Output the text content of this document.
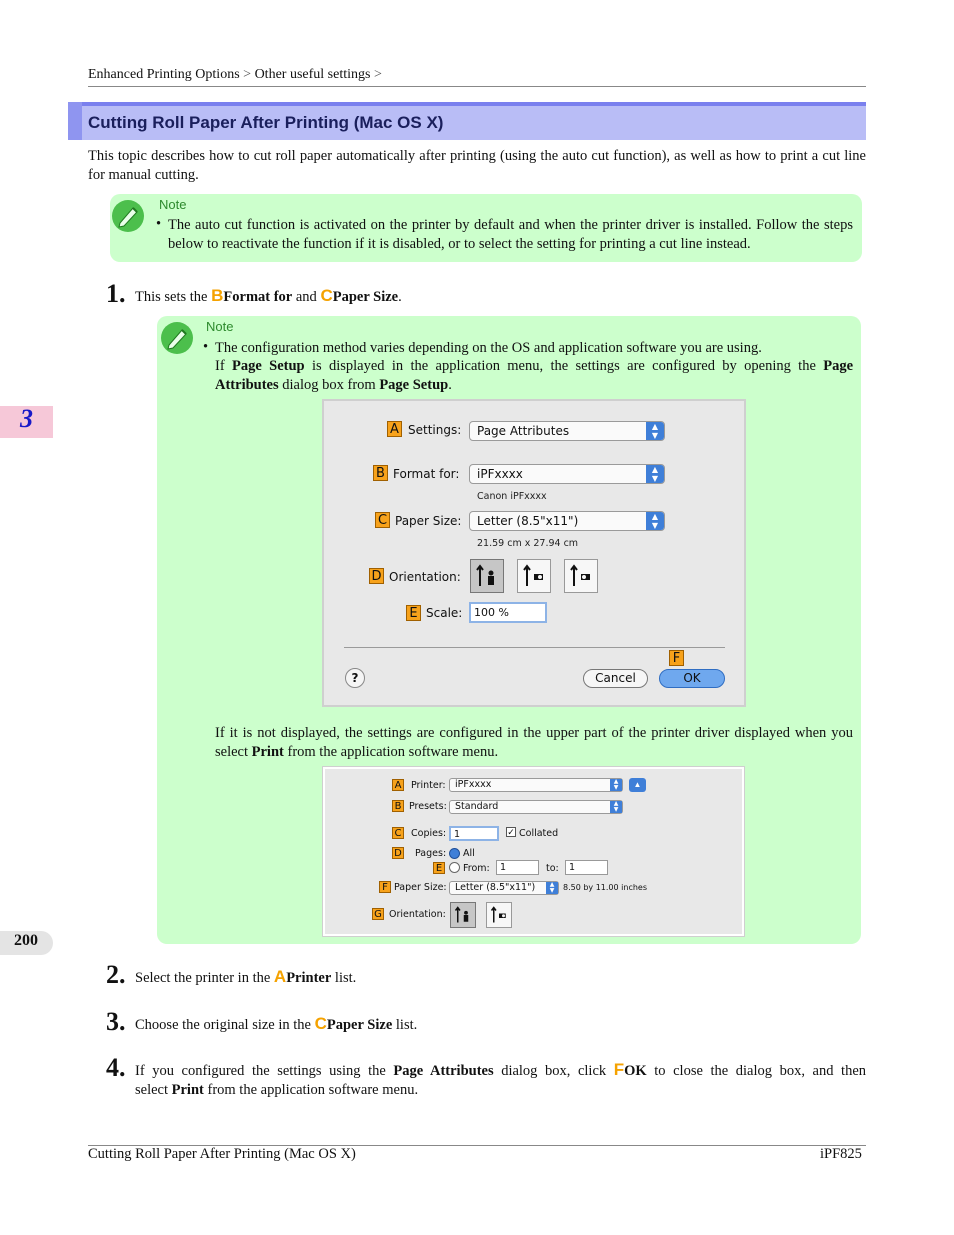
Enhanced Printing Options > Other useful settings >
Cutting Roll Paper After Printing (Mac OS X)
This topic describes how to cut roll paper automatically after printing (using the auto cut function), as well as how to print a cut line for manual cutting.
Note
• The auto cut function is activated on the printer by default and when the printer driver is installed. Follow the steps below to reactivate the function if it is disabled, or to select the setting for printing a cut line instead.
1. This sets the BFormat for and CPaper Size.
Note
• The configuration method varies depending on the OS and application software you are using.
If Page Setup is displayed in the application menu, the settings are configured by opening the Page Attributes dialog box from Page Setup.
A Settings:	Page Attributes	▲
▼
B Format for:	iPFxxxx	▲
▼
Canon iPFxxxx
C Paper Size:	Letter (8.5"x11")	▲
▼
21.59 cm x 27.94 cm
D Orientation:
E Scale:	100 %
?
F
Cancel	OK
If it is not displayed, the settings are configured in the upper part of the printer driver displayed when you select Print from the application software menu.
A Printer: iPFxxxx	▲
▼	▲
B Presets: Standard	▲
▼
C Copies: 1	✓ Collated
D Pages: All
E From:	1	to:	1
F Paper Size: Letter (8.5"x11")	▲
▼	8.50 by 11.00 inches
G Orientation:
2. Select the printer in the APrinter list.
3. Choose the original size in the CPaper Size list.
4. If you configured the settings using the Page Attributes dialog box, click FOK to close the dialog box, and then
select Print from the application software menu.
3
200
Cutting Roll Paper After Printing (Mac OS X)	iPF825
